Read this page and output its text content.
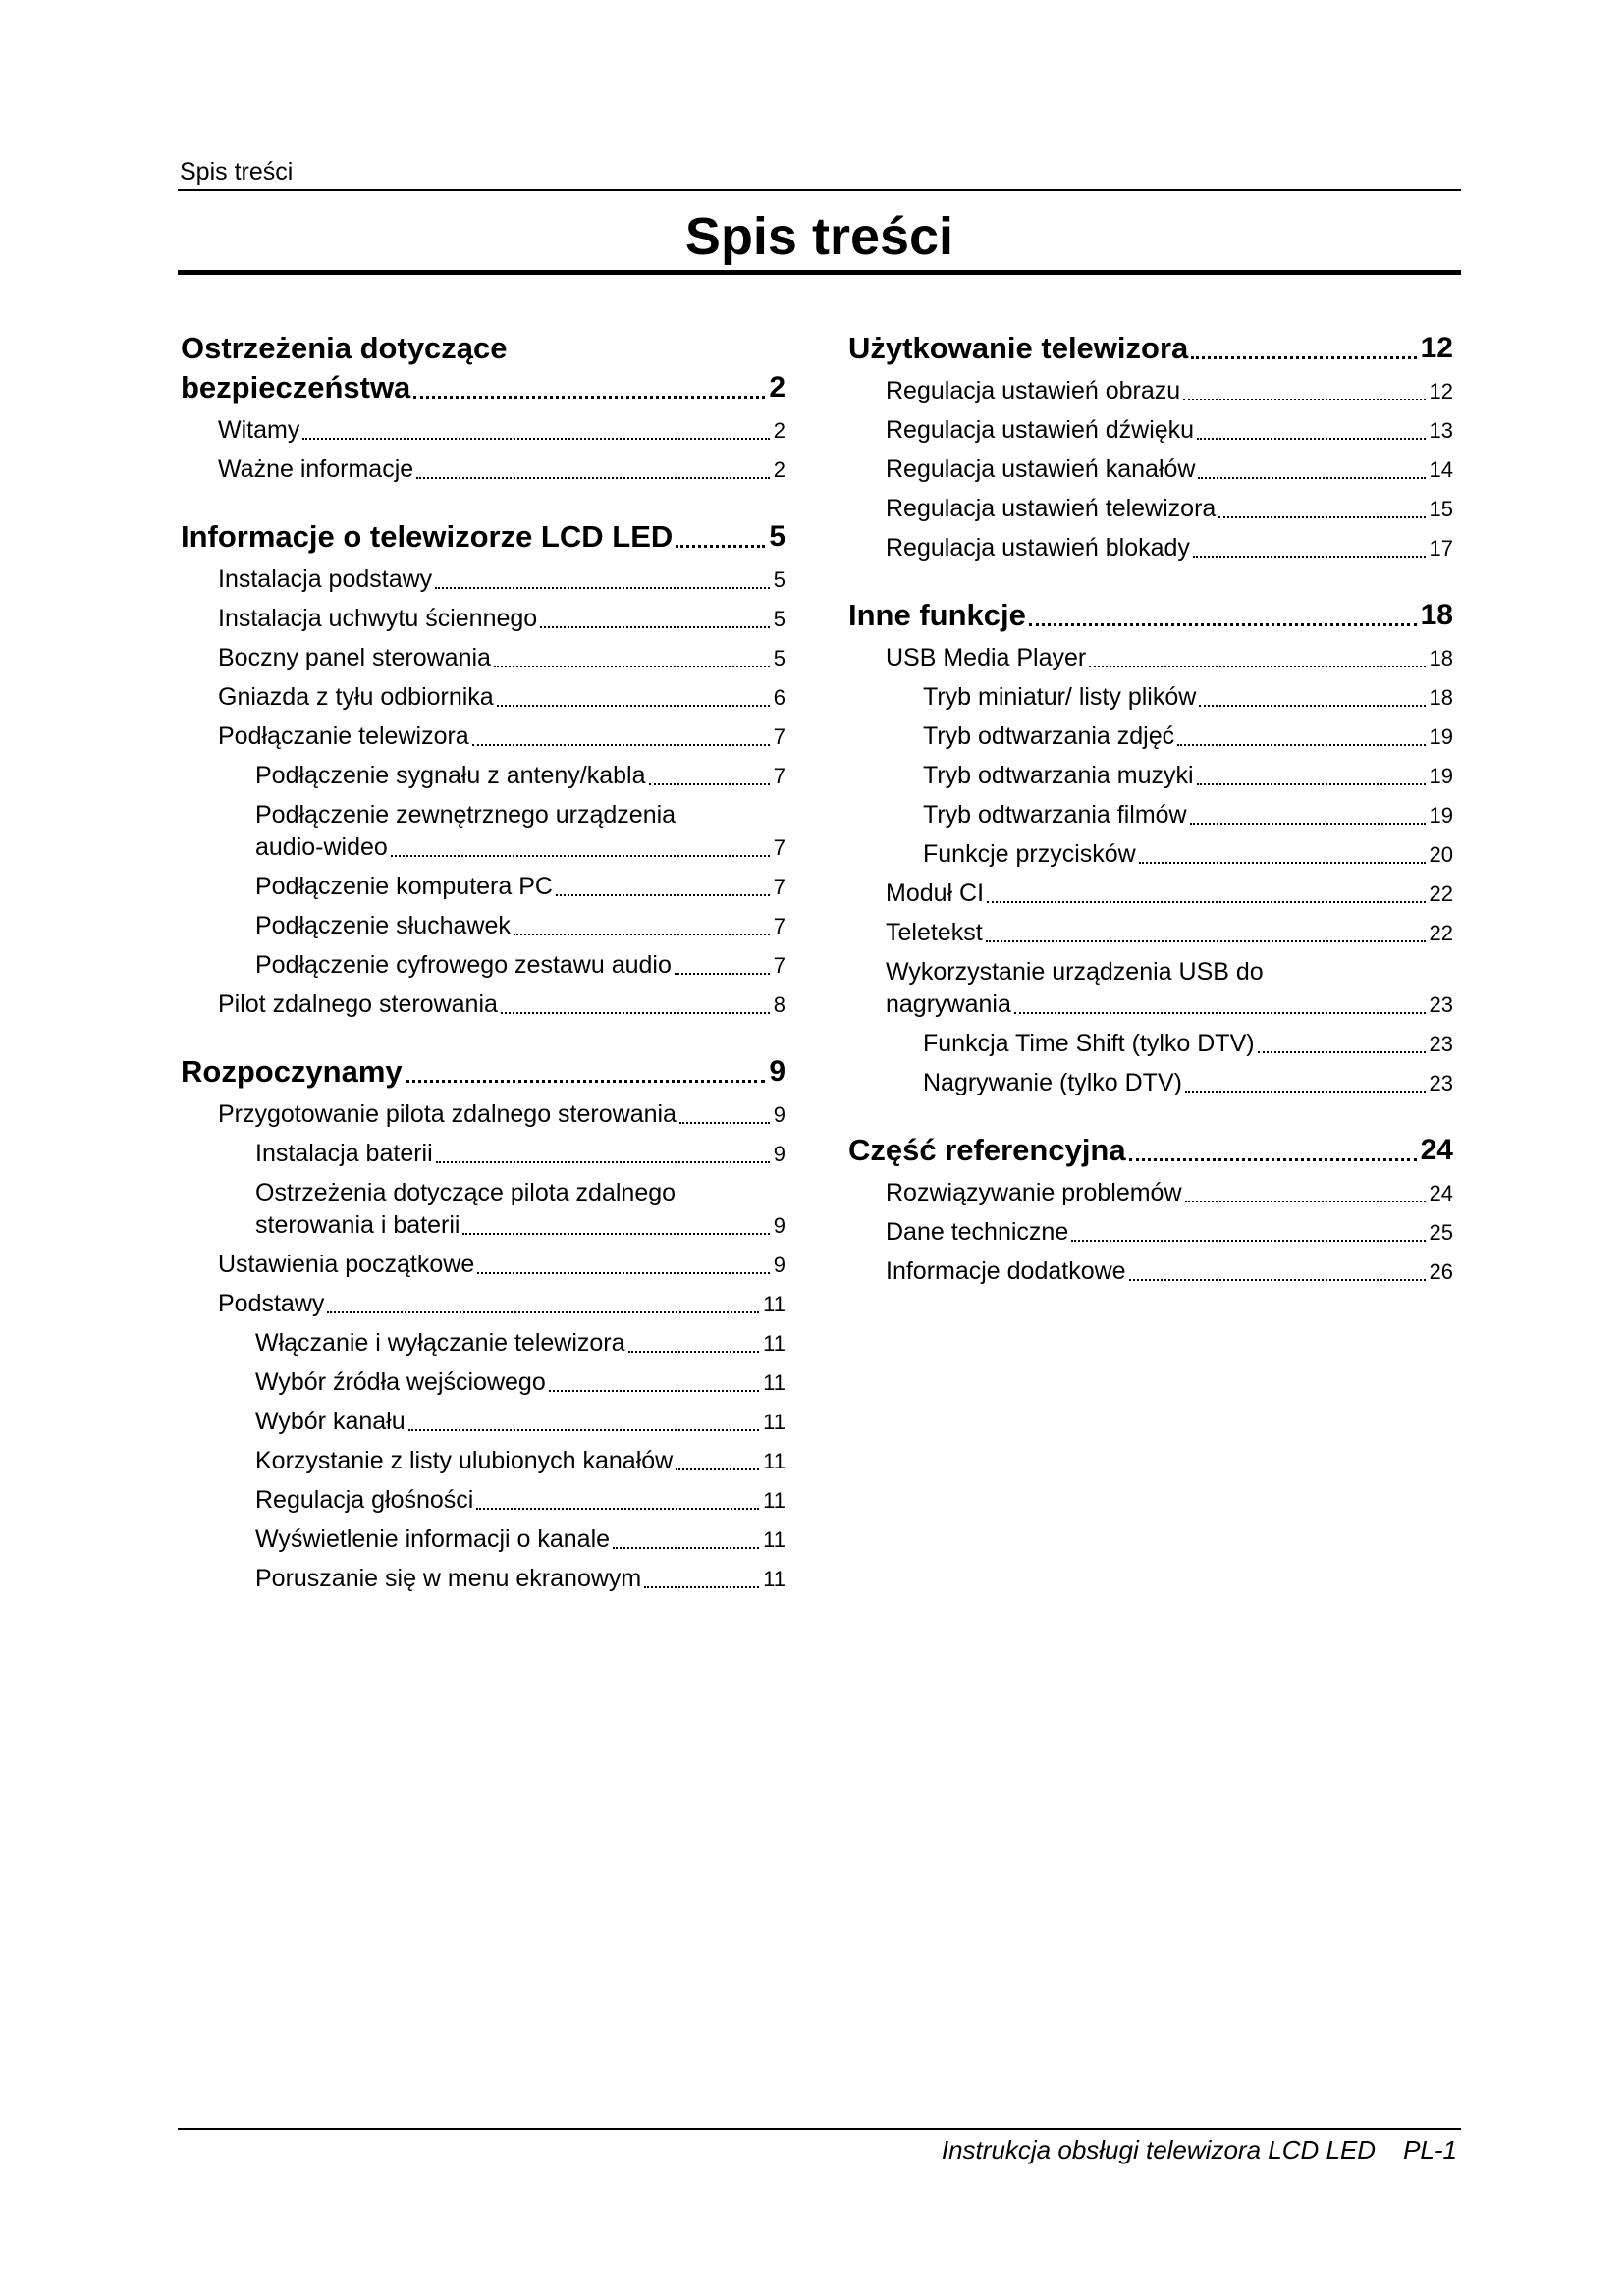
Spis treści
Spis treści
Ostrzeżenia dotyczące
bezpieczeństwa	2
Witamy	2
Ważne informacje	2
Informacje o telewizorze LCD LED	5
Instalacja podstawy	5
Instalacja uchwytu ściennego	5
Boczny panel sterowania	5
Gniazda z tyłu odbiornika	6
Podłączanie telewizora	7
Podłączenie sygnału z anteny/kabla	7
Podłączenie zewnętrznego urządzenia
audio-wideo	7
Podłączenie komputera PC	7
Podłączenie słuchawek	7
Podłączenie cyfrowego zestawu audio	7
Pilot zdalnego sterowania	8
Rozpoczynamy	9
Przygotowanie pilota zdalnego sterowania	9
Instalacja baterii	9
Ostrzeżenia dotyczące pilota zdalnego
sterowania i baterii	9
Ustawienia początkowe	9
Podstawy	11
Włączanie i wyłączanie telewizora	11
Wybór źródła wejściowego	11
Wybór kanału	11
Korzystanie z listy ulubionych kanałów	11
Regulacja głośności	11
Wyświetlenie informacji o kanale	11
Poruszanie się w menu ekranowym	11
Użytkowanie telewizora	12
Regulacja ustawień obrazu	12
Regulacja ustawień dźwięku	13
Regulacja ustawień kanałów	14
Regulacja ustawień telewizora	15
Regulacja ustawień blokady	17
Inne funkcje	18
USB Media Player	18
Tryb miniatur/ listy plików	18
Tryb odtwarzania zdjęć	19
Tryb odtwarzania muzyki	19
Tryb odtwarzania filmów	19
Funkcje przycisków	20
Moduł CI	22
Teletekst	22
Wykorzystanie urządzenia USB do
nagrywania	23
Funkcja Time Shift (tylko DTV)	23
Nagrywanie (tylko DTV)	23
Część referencyjna	24
Rozwiązywanie problemów	24
Dane techniczne	25
Informacje dodatkowe	26
Instrukcja obsługi telewizora LCD LED PL-1
